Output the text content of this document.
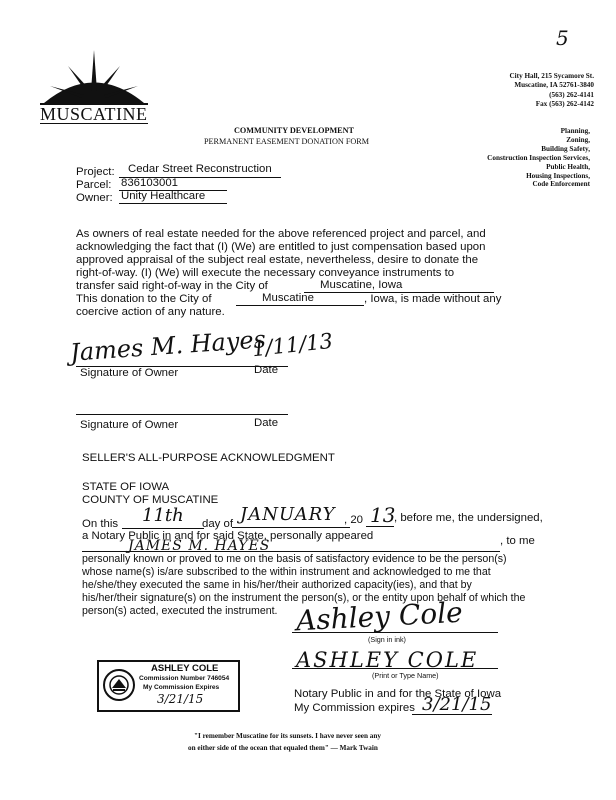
5
MUSCATINE
City Hall, 215 Sycamore St.
Muscatine, IA 52761-3840
(563) 262-4141
Fax (563) 262-4142
COMMUNITY DEVELOPMENT
PERMANENT EASEMENT DONATION FORM
Planning,
Zoning,
Building Safety,
Construction Inspection Services,
Public Health,
Housing Inspections,
Code Enforcement
Project: Cedar Street Reconstruction
Parcel: 836103001
Owner: Unity Healthcare
As owners of real estate needed for the above referenced project and parcel, and
acknowledging the fact that (I) (We) are entitled to just compensation based upon
approved appraisal of the subject real estate, nevertheless, desire to donate the
right-of-way. (I) (We) will execute the necessary conveyance instruments to
transfer said right-of-way in the City of	Muscatine, Iowa
This donation to the City of	Muscatine	, Iowa, is made without any
coercive action of any nature.
James M. Hayes
1/11/13
Signature of Owner	Date
Signature of Owner	Date
SELLER'S ALL-PURPOSE ACKNOWLEDGMENT
STATE OF IOWA
COUNTY OF MUSCATINE
On this 11th day of JANUARY , 20 13
, before me, the undersigned,
a Notary Public in and for said State, personally appeared
JAMES M. HAYES	, to me
personally known or proved to me on the basis of satisfactory evidence to be the person(s)
whose name(s) is/are subscribed to the within instrument and acknowledged to me that
he/she/they executed the same in his/her/their authorized capacity(ies), and that by
his/her/their signature(s) on the instrument the person(s), or the entity upon behalf of which the
person(s) acted, executed the instrument. Ashley Cole
(Sign in ink)
ASHLEY COLE
(Print or Type Name)
Notary Public in and for the State of Iowa
My Commission expires 3/21/15
ASHLEY COLE
Commission Number 746054
My Commission Expires
3/21/15
"I remember Muscatine for its sunsets. I have never seen any
on either side of the ocean that equaled them" — Mark Twain
